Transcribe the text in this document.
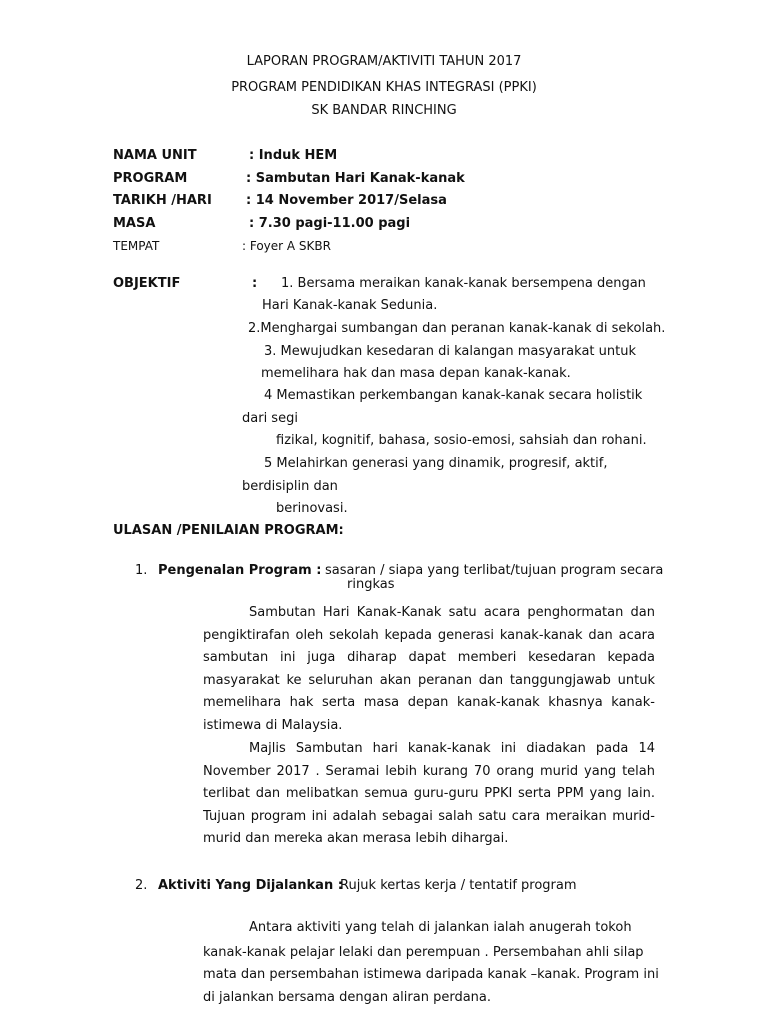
LAPORAN PROGRAM/AKTIVITI TAHUN 2017
PROGRAM PENDIDIKAN KHAS INTEGRASI (PPKI)
SK BANDAR RINCHING
NAMA UNIT	: Induk HEM
PROGRAM	: Sambutan Hari Kanak-kanak
TARIKH /HARI	: 14 November 2017/Selasa
MASA	: 7.30 pagi-11.00 pagi
TEMPAT	: Foyer A SKBR
OBJEKTIF	: 1. Bersama meraikan kanak-kanak bersempena dengan
Hari Kanak-kanak Sedunia.
2.Menghargai sumbangan dan peranan kanak-kanak di sekolah.
3. Mewujudkan kesedaran di kalangan masyarakat untuk
memelihara hak dan masa depan kanak-kanak.
4 Memastikan perkembangan kanak-kanak secara holistik
dari segi
fizikal, kognitif, bahasa, sosio-emosi, sahsiah dan rohani.
5 Melahirkan generasi yang dinamik, progresif, aktif,
berdisiplin dan
berinovasi.
ULASAN /PENILAIAN PROGRAM:
1. Pengenalan Program : sasaran / siapa yang terlibat/tujuan program secara
ringkas
Sambutan Hari Kanak-Kanak satu acara penghormatan dan
pengiktirafan oleh sekolah kepada generasi kanak-kanak dan acara
sambutan ini juga diharap dapat memberi kesedaran kepada
masyarakat ke seluruhan akan peranan dan tanggungjawab untuk
memelihara hak serta masa depan kanak-kanak khasnya kanak-
istimewa di Malaysia.
Majlis Sambutan hari kanak-kanak ini diadakan pada 14
November 2017 . Seramai lebih kurang 70 orang murid yang telah
terlibat dan melibatkan semua guru-guru PPKI serta PPM yang lain.
Tujuan program ini adalah sebagai salah satu cara meraikan murid-
murid dan mereka akan merasa lebih dihargai.
2. Aktiviti Yang Dijalankan :
Rujuk kertas kerja / tentatif program
Antara aktiviti yang telah di jalankan ialah anugerah tokoh
kanak-kanak pelajar lelaki dan perempuan . Persembahan ahli silap
mata dan persembahan istimewa daripada kanak –kanak. Program ini
di jalankan bersama dengan aliran perdana.
